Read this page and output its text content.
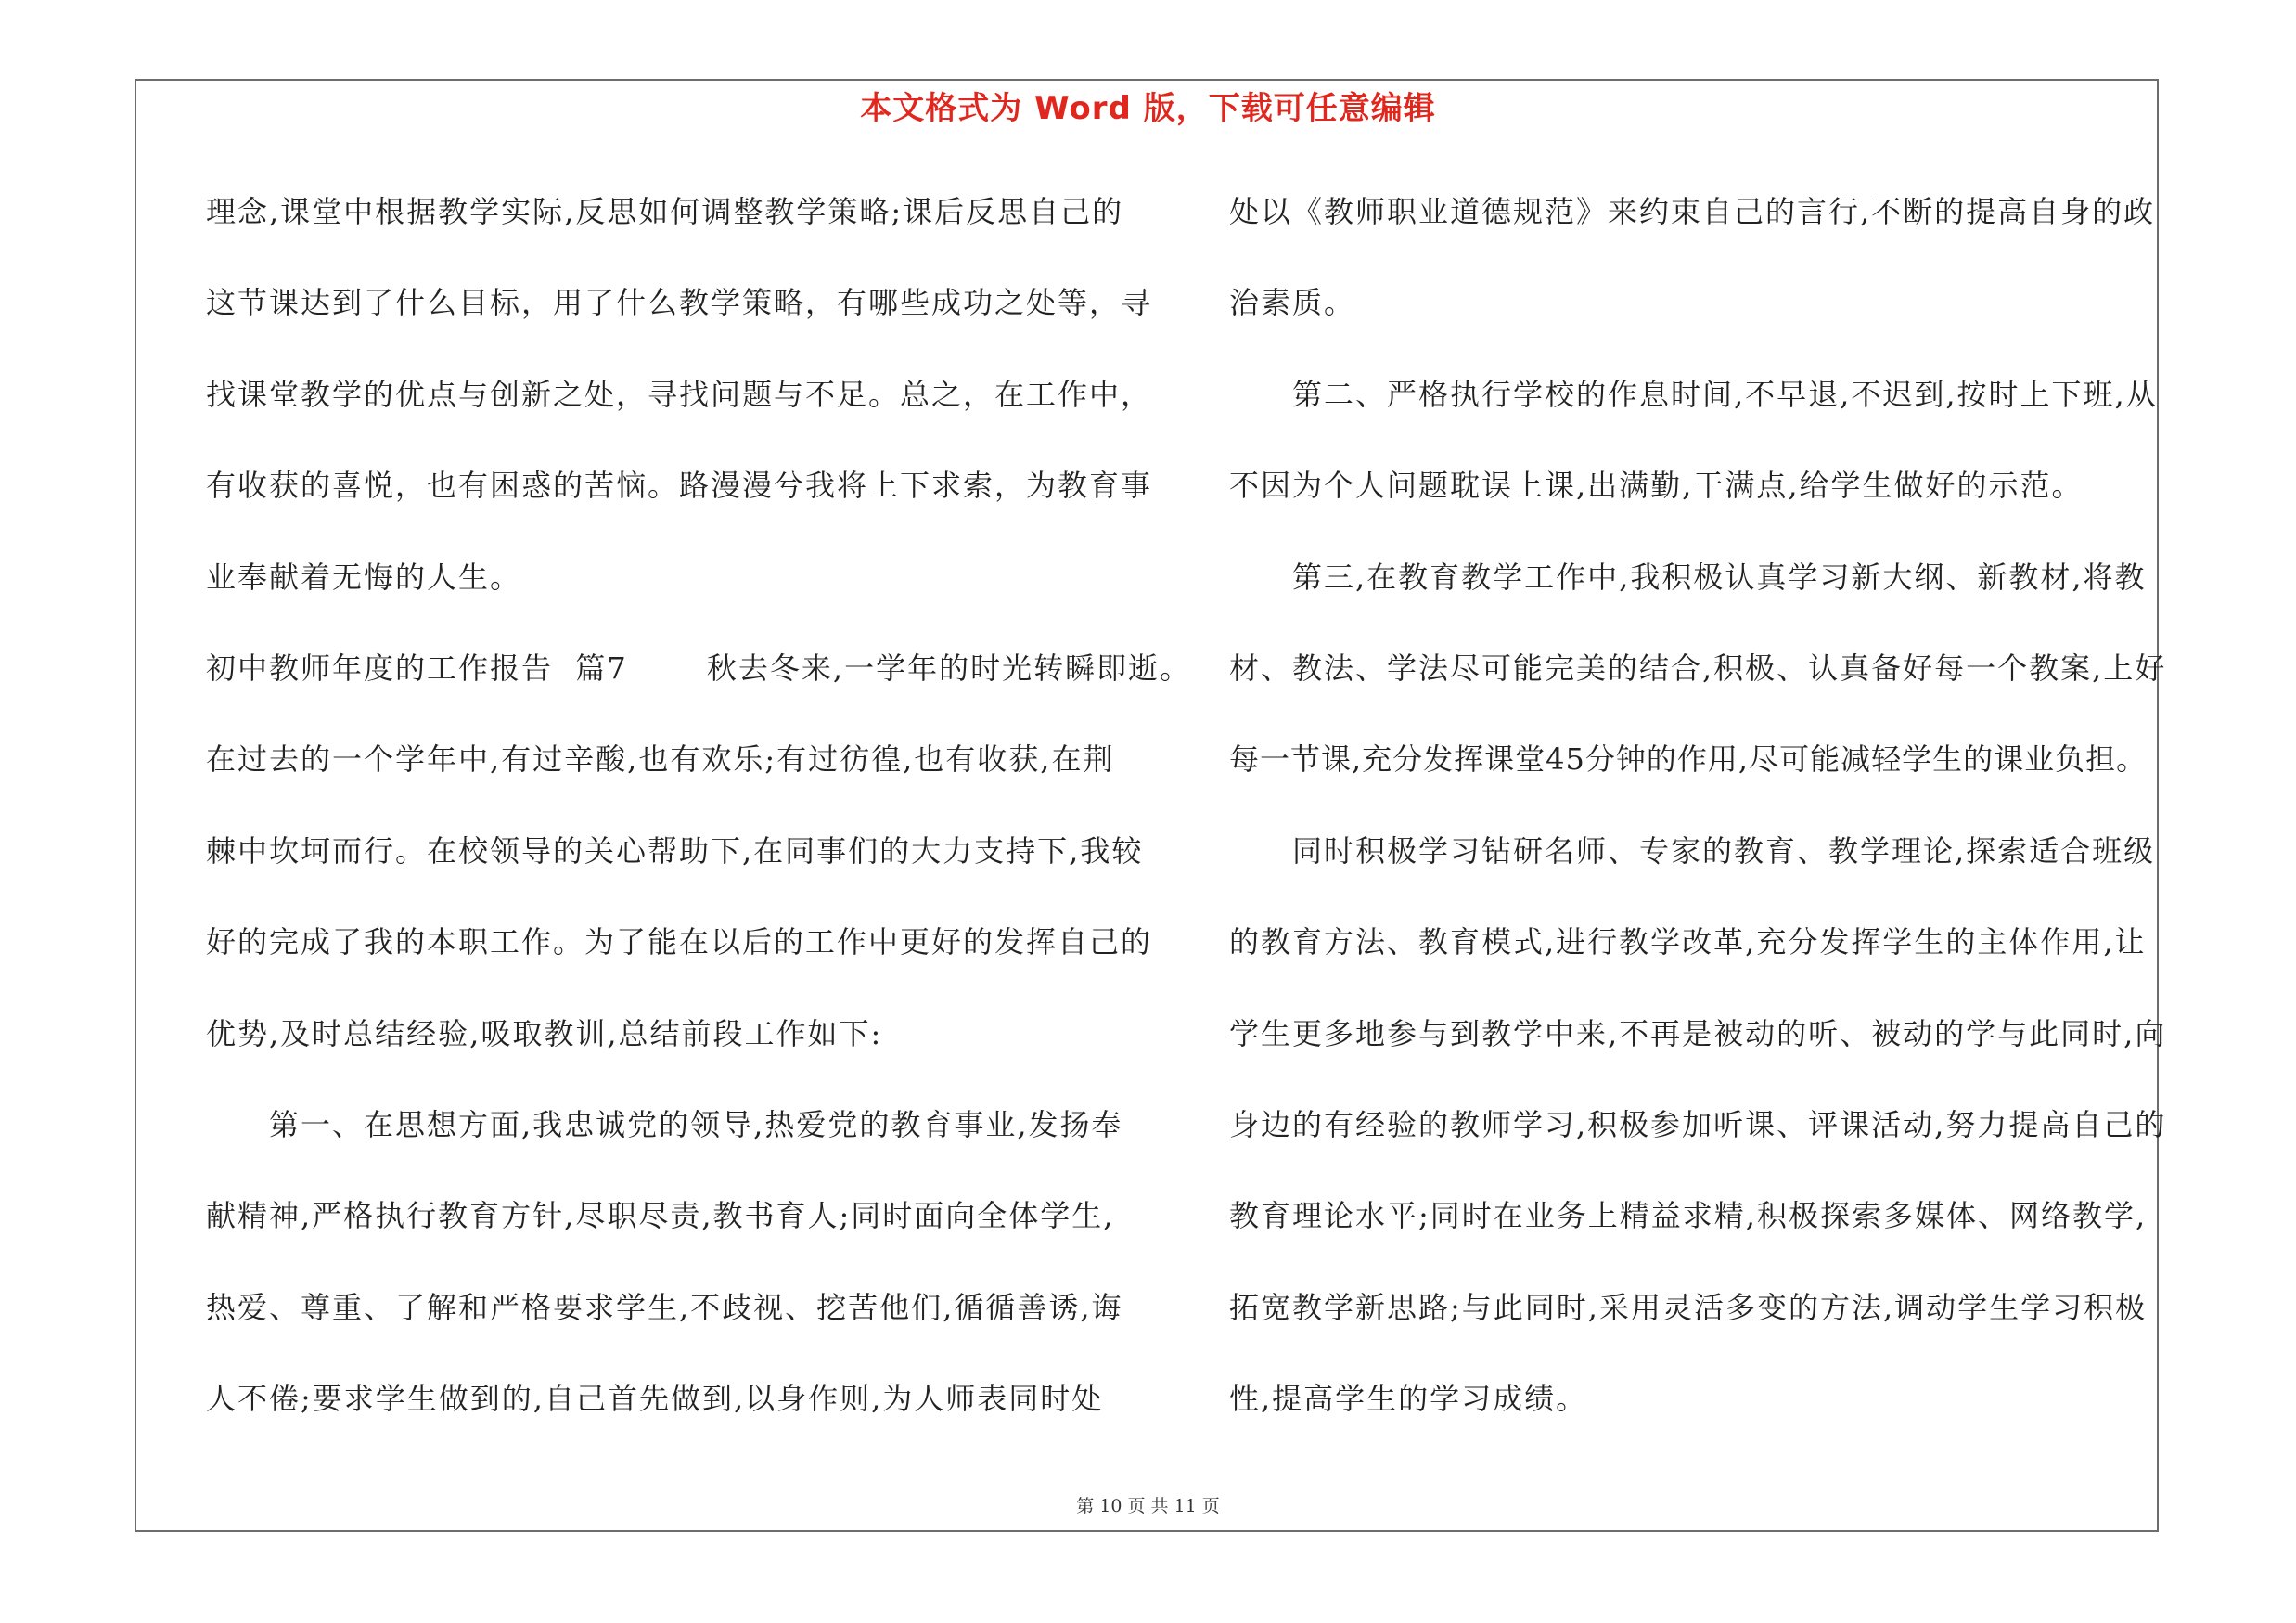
本文格式为 Word 版，下载可任意编辑
理念,课堂中根据教学实际,反思如何调整教学策略;课后反思自己的
这节课达到了什么目标，用了什么教学策略，有哪些成功之处等，寻
找课堂教学的优点与创新之处，寻找问题与不足。总之，在工作中，
有收获的喜悦，也有困惑的苦恼。路漫漫兮我将上下求索，为教育事
业奉献着无悔的人生。
初中教师年度的工作报告  篇7       秋去冬来,一学年的时光转瞬即逝。
在过去的一个学年中,有过辛酸,也有欢乐;有过彷徨,也有收获,在荆
棘中坎坷而行。在校领导的关心帮助下,在同事们的大力支持下,我较
好的完成了我的本职工作。为了能在以后的工作中更好的发挥自己的
优势,及时总结经验,吸取教训,总结前段工作如下:
第一、在思想方面,我忠诚党的领导,热爱党的教育事业,发扬奉
献精神,严格执行教育方针,尽职尽责,教书育人;同时面向全体学生,
热爱、尊重、了解和严格要求学生,不歧视、挖苦他们,循循善诱,诲
人不倦;要求学生做到的,自己首先做到,以身作则,为人师表同时处
处以《教师职业道德规范》来约束自己的言行,不断的提高自身的政
治素质。
第二、严格执行学校的作息时间,不早退,不迟到,按时上下班,从
不因为个人问题耽误上课,出满勤,干满点,给学生做好的示范。
第三,在教育教学工作中,我积极认真学习新大纲、新教材,将教
材、教法、学法尽可能完美的结合,积极、认真备好每一个教案,上好
每一节课,充分发挥课堂45分钟的作用,尽可能减轻学生的课业负担。
同时积极学习钻研名师、专家的教育、教学理论,探索适合班级
的教育方法、教育模式,进行教学改革,充分发挥学生的主体作用,让
学生更多地参与到教学中来,不再是被动的听、被动的学与此同时,向
身边的有经验的教师学习,积极参加听课、评课活动,努力提高自己的
教育理论水平;同时在业务上精益求精,积极探索多媒体、网络教学,
拓宽教学新思路;与此同时,采用灵活多变的方法,调动学生学习积极
性,提高学生的学习成绩。
第 10 页 共 11 页
